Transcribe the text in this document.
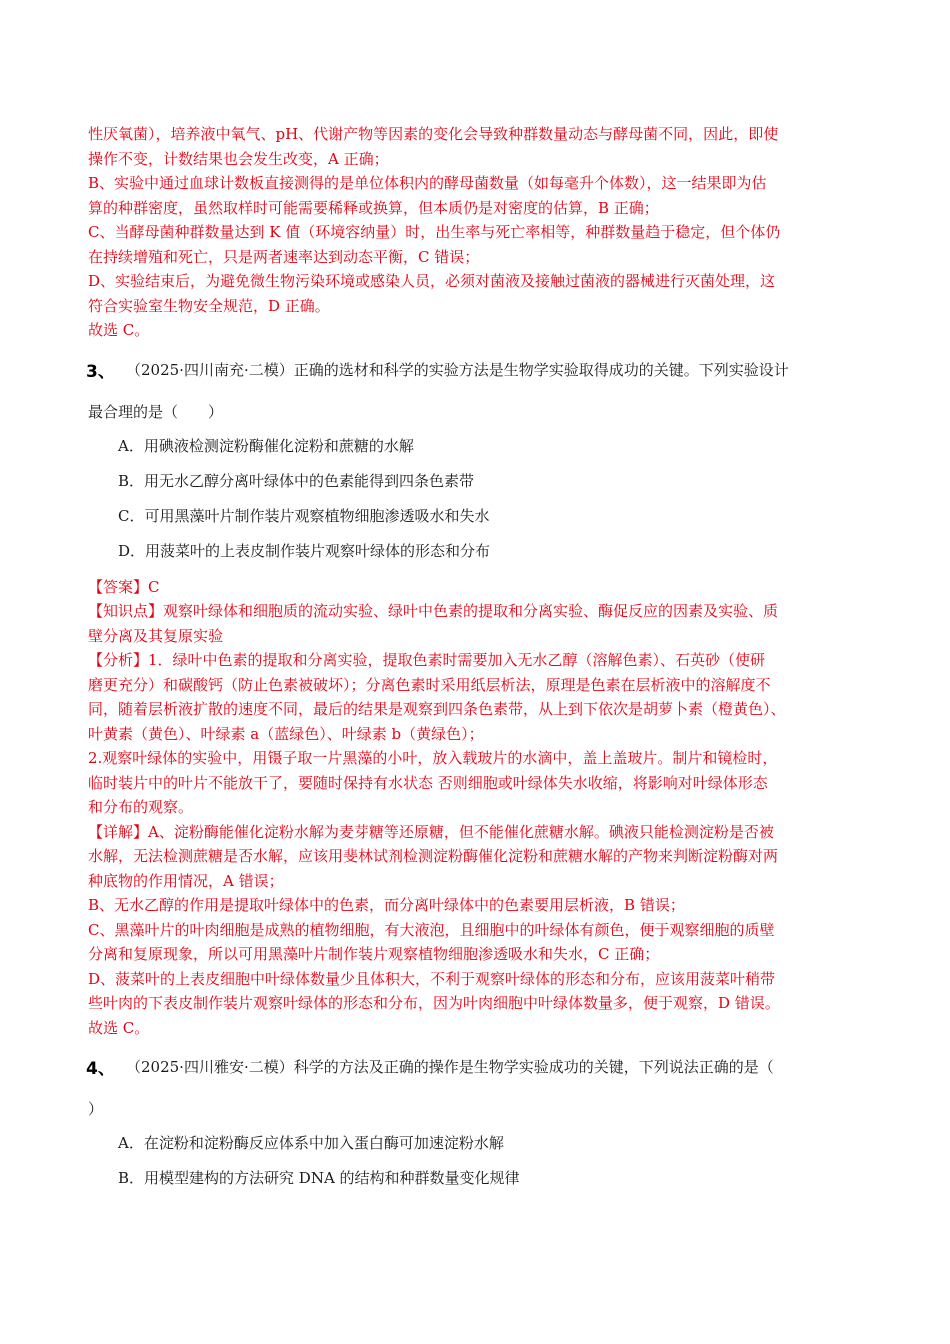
性厌氧菌），培养液中氧气、pH、代谢产物等因素的变化会导致种群数量动态与酵母菌不同，因此，即使

操作不变，计数结果也会发生改变，A 正确；

B、实验中通过血球计数板直接测得的是单位体积内的酵母菌数量（如每毫升个体数），这一结果即为估

算的种群密度，虽然取样时可能需要稀释或换算，但本质仍是对密度的估算，B 正确；

C、当酵母菌种群数量达到 K 值（环境容纳量）时，出生率与死亡率相等，种群数量趋于稳定，但个体仍

在持续增殖和死亡，只是两者速率达到动态平衡，C 错误；

D、实验结束后，为避免微生物污染环境或感染人员，必须对菌液及接触过菌液的器械进行灭菌处理，这

符合实验室生物安全规范，D 正确。

故选 C。

3、 （2025·四川南充·二模）正确的选材和科学的实验方法是生物学实验取得成功的关键。下列实验设计
最合理的是（　　）
A．用碘液检测淀粉酶催化淀粉和蔗糖的水解
B．用无水乙醇分离叶绿体中的色素能得到四条色素带
C．可用黑藻叶片制作装片观察植物细胞渗透吸水和失水
D．用菠菜叶的上表皮制作装片观察叶绿体的形态和分布

【答案】C

【知识点】观察叶绿体和细胞质的流动实验、绿叶中色素的提取和分离实验、酶促反应的因素及实验、质

壁分离及其复原实验

【分析】1．绿叶中色素的提取和分离实验，提取色素时需要加入无水乙醇（溶解色素）、石英砂（使研

磨更充分）和碳酸钙（防止色素被破坏）；分离色素时采用纸层析法，原理是色素在层析液中的溶解度不

同，随着层析液扩散的速度不同，最后的结果是观察到四条色素带，从上到下依次是胡萝卜素（橙黄色）、

叶黄素（黄色）、叶绿素 a（蓝绿色）、叶绿素 b（黄绿色）；

2.观察叶绿体的实验中，用镊子取一片黑藻的小叶，放入载玻片的水滴中，盖上盖玻片。制片和镜检时，

临时装片中的叶片不能放干了，要随时保持有水状态 否则细胞或叶绿体失水收缩，将影响对叶绿体形态

和分布的观察。

【详解】A、淀粉酶能催化淀粉水解为麦芽糖等还原糖，但不能催化蔗糖水解。碘液只能检测淀粉是否被

水解，无法检测蔗糖是否水解，应该用斐林试剂检测淀粉酶催化淀粉和蔗糖水解的产物来判断淀粉酶对两

种底物的作用情况，A 错误；

B、无水乙醇的作用是提取叶绿体中的色素，而分离叶绿体中的色素要用层析液，B 错误；

C、黑藻叶片的叶肉细胞是成熟的植物细胞，有大液泡，且细胞中的叶绿体有颜色，便于观察细胞的质壁

分离和复原现象，所以可用黑藻叶片制作装片观察植物细胞渗透吸水和失水，C 正确；

D、菠菜叶的上表皮细胞中叶绿体数量少且体积大，不利于观察叶绿体的形态和分布，应该用菠菜叶稍带

些叶肉的下表皮制作装片观察叶绿体的形态和分布，因为叶肉细胞中叶绿体数量多，便于观察，D 错误。

故选 C。

4、 （2025·四川雅安·二模）科学的方法及正确的操作是生物学实验成功的关键，下列说法正确的是（
）
A．在淀粉和淀粉酶反应体系中加入蛋白酶可加速淀粉水解
B．用模型建构的方法研究 DNA 的结构和种群数量变化规律
